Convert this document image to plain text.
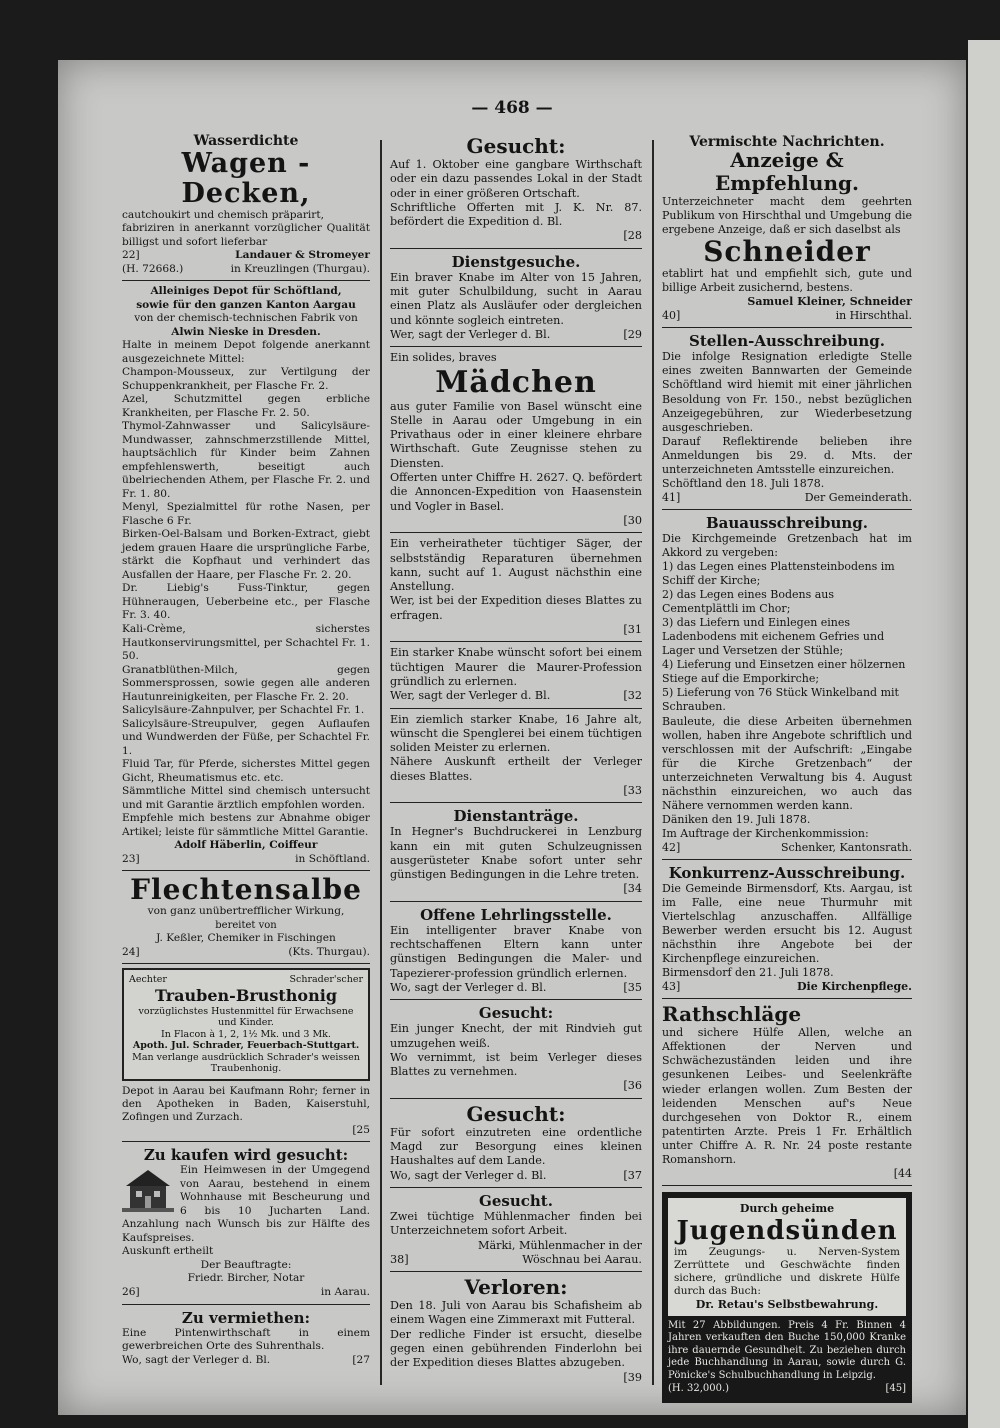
— 468 —
Wasserdichte
Wagen - Decken,
cautchoukirt und chemisch präparirt,
fabriziren in anerkannt vorzüglicher Qualität billigst und sofort lieferbar
22]	Landauer & Stromeyer
(H. 72668.)	in Kreuzlingen (Thurgau).
Alleiniges Depot für Schöftland,
sowie für den ganzen Kanton Aargau
von der chemisch-technischen Fabrik von
Alwin Nieske in Dresden.
Halte in meinem Depot folgende anerkannt ausgezeichnete Mittel:
Champon-Mousseux, zur Vertilgung der Schuppenkrankheit, per Flasche Fr. 2.
Azel, Schutzmittel gegen erbliche Krankheiten, per Flasche Fr. 2. 50.
Thymol-Zahnwasser und Salicylsäure-Mundwasser, zahnschmerzstillende Mittel, hauptsächlich für Kinder beim Zahnen empfehlenswerth, beseitigt auch übelriechenden Athem, per Flasche Fr. 2. und Fr. 1. 80.
Menyl, Spezialmittel für rothe Nasen, per Flasche 6 Fr.
Birken-Oel-Balsam und Borken-Extract, giebt jedem grauen Haare die ursprüngliche Farbe, stärkt die Kopfhaut und verhindert das Ausfallen der Haare, per Flasche Fr. 2. 20.
Dr. Liebig's Fuss-Tinktur, gegen Hühneraugen, Ueberbeine etc., per Flasche Fr. 3. 40.
Kali-Crème, sicherstes Hautkonservirungsmittel, per Schachtel Fr. 1. 50.
Granatblüthen-Milch, gegen Sommersprossen, sowie gegen alle anderen Hautunreinigkeiten, per Flasche Fr. 2. 20.
Salicylsäure-Zahnpulver, per Schachtel Fr. 1.
Salicylsäure-Streupulver, gegen Auflaufen und Wundwerden der Füße, per Schachtel Fr. 1.
Fluid Tar, für Pferde, sicherstes Mittel gegen Gicht, Rheumatismus etc. etc.
Sämmtliche Mittel sind chemisch untersucht und mit Garantie ärztlich empfohlen worden.
Empfehle mich bestens zur Abnahme obiger Artikel; leiste für sämmtliche Mittel Garantie.
Adolf Häberlin, Coiffeur
23]	in Schöftland.
Flechtensalbe
von ganz unübertrefflicher Wirkung,
bereitet von
J. Keßler, Chemiker in Fischingen
24]	(Kts. Thurgau).
Aechter	Schrader'scher
Trauben-Brusthonig
vorzüglichstes Hustenmittel für Erwachsene und Kinder.
In Flacon à 1, 2, 1½ Mk. und 3 Mk.
Apoth. Jul. Schrader, Feuerbach-Stuttgart.
Man verlange ausdrücklich Schrader's weissen Traubenhonig.
Depot in Aarau bei Kaufmann Rohr; ferner in den Apotheken in Baden, Kaiserstuhl, Zofingen und Zurzach.
[25
Zu kaufen wird gesucht:
Ein Heimwesen in der Umgegend von Aarau, bestehend in einem Wohnhause mit Bescheurung und 6 bis 10 Jucharten Land. Anzahlung nach Wunsch bis zur Hälfte des Kaufspreises.
Auskunft ertheilt
Der Beauftragte:
Friedr. Bircher, Notar
26]	in Aarau.
Zu vermiethen:
Eine Pintenwirthschaft in einem gewerbreichen Orte des Suhrenthals.
Wo, sagt der Verleger d. Bl.	[27
Gesucht:
Auf 1. Oktober eine gangbare Wirthschaft oder ein dazu passendes Lokal in der Stadt oder in einer größeren Ortschaft.
Schriftliche Offerten mit J. K. Nr. 87. befördert die Expedition d. Bl.
[28
Dienstgesuche.
Ein braver Knabe im Alter von 15 Jahren, mit guter Schulbildung, sucht in Aarau einen Platz als Ausläufer oder dergleichen und könnte sogleich eintreten.
Wer, sagt der Verleger d. Bl.	[29
Ein solides, braves
Mädchen
aus guter Familie von Basel wünscht eine Stelle in Aarau oder Umgebung in ein Privathaus oder in einer kleinere ehrbare Wirthschaft. Gute Zeugnisse stehen zu Diensten.
Offerten unter Chiffre H. 2627. Q. befördert die Annoncen-Expedition von Haasenstein und Vogler in Basel.
[30
Ein verheiratheter tüchtiger Säger, der selbstständig Reparaturen übernehmen kann, sucht auf 1. August nächsthin eine Anstellung.
Wer, ist bei der Expedition dieses Blattes zu erfragen.
[31
Ein starker Knabe wünscht sofort bei einem tüchtigen Maurer die Maurer-Profession gründlich zu erlernen.
Wer, sagt der Verleger d. Bl.	[32
Ein ziemlich starker Knabe, 16 Jahre alt, wünscht die Spenglerei bei einem tüchtigen soliden Meister zu erlernen.
Nähere Auskunft ertheilt der Verleger dieses Blattes.
[33
Dienstanträge.
In Hegner's Buchdruckerei in Lenzburg kann ein mit guten Schulzeugnissen ausgerüsteter Knabe sofort unter sehr günstigen Bedingungen in die Lehre treten.
[34
Offene Lehrlingsstelle.
Ein intelligenter braver Knabe von rechtschaffenen Eltern kann unter günstigen Bedingungen die Maler- und Tapezierer-profession gründlich erlernen.
Wo, sagt der Verleger d. Bl.	[35
Gesucht:
Ein junger Knecht, der mit Rindvieh gut umzugehen weiß.
Wo vernimmt, ist beim Verleger dieses Blattes zu vernehmen.
[36
Gesucht:
Für sofort einzutreten eine ordentliche Magd zur Besorgung eines kleinen Haushaltes auf dem Lande.
Wo, sagt der Verleger d. Bl.	[37
Gesucht.
Zwei tüchtige Mühlenmacher finden bei Unterzeichnetem sofort Arbeit.
Märki, Mühlenmacher in der
38]	Wöschnau bei Aarau.
Verloren:
Den 18. Juli von Aarau bis Schafisheim ab einem Wagen eine Zimmeraxt mit Futteral.
Der redliche Finder ist ersucht, dieselbe gegen einen gebührenden Finderlohn bei der Expedition dieses Blattes abzugeben.
[39
Vermischte Nachrichten.
Anzeige & Empfehlung.
Unterzeichneter macht dem geehrten Publikum von Hirschthal und Umgebung die ergebene Anzeige, daß er sich daselbst als
Schneider
etablirt hat und empfiehlt sich, gute und billige Arbeit zusichernd, bestens.
Samuel Kleiner, Schneider
40]	in Hirschthal.
Stellen-Ausschreibung.
Die infolge Resignation erledigte Stelle eines zweiten Bannwarten der Gemeinde Schöftland wird hiemit mit einer jährlichen Besoldung von Fr. 150., nebst bezüglichen Anzeigegebühren, zur Wiederbesetzung ausgeschrieben.
Darauf Reflektirende belieben ihre Anmeldungen bis 29. d. Mts. der unterzeichneten Amtsstelle einzureichen.
Schöftland den 18. Juli 1878.
41]	Der Gemeinderath.
Bauausschreibung.
Die Kirchgemeinde Gretzenbach hat im Akkord zu vergeben:
1) das Legen eines Plattensteinbodens im Schiff der Kirche;
2) das Legen eines Bodens aus Cementplättli im Chor;
3) das Liefern und Einlegen eines Ladenbodens mit eichenem Gefries und Lager und Versetzen der Stühle;
4) Lieferung und Einsetzen einer hölzernen Stiege auf die Emporkirche;
5) Lieferung von 76 Stück Winkelband mit Schrauben.
Bauleute, die diese Arbeiten übernehmen wollen, haben ihre Angebote schriftlich und verschlossen mit der Aufschrift: „Eingabe für die Kirche Gretzenbach“ der unterzeichneten Verwaltung bis 4. August nächsthin einzureichen, wo auch das Nähere vernommen werden kann.
Däniken den 19. Juli 1878.
Im Auftrage der Kirchenkommission:
42]	Schenker, Kantonsrath.
Konkurrenz-Ausschreibung.
Die Gemeinde Birmensdorf, Kts. Aargau, ist im Falle, eine neue Thurmuhr mit Viertelschlag anzuschaffen. Allfällige Bewerber werden ersucht bis 12. August nächsthin ihre Angebote bei der Kirchenpflege einzureichen.
Birmensdorf den 21. Juli 1878.
43]	Die Kirchenpflege.
Rathschläge
und sichere Hülfe Allen, welche an Affektionen der Nerven und Schwächezuständen leiden und ihre gesunkenen Leibes- und Seelenkräfte wieder erlangen wollen. Zum Besten der leidenden Menschen auf's Neue durchgesehen von Doktor R., einem patentirten Arzte. Preis 1 Fr. Erhältlich unter Chiffre A. R. Nr. 24 poste restante Romanshorn.
[44
Durch geheime
Jugendsünden
im Zeugungs- u. Nerven-System Zerrüttete und Geschwächte finden sichere, gründliche und diskrete Hülfe durch das Buch:
Dr. Retau's Selbstbewahrung.
Mit 27 Abbildungen. Preis 4 Fr. Binnen 4 Jahren verkauften den Buche 150,000 Kranke ihre dauernde Gesundheit. Zu beziehen durch jede Buchhandlung in Aarau, sowie durch G. Pönicke's Schulbuchhandlung in Leipzig.
(H. 32,000.)	[45]
